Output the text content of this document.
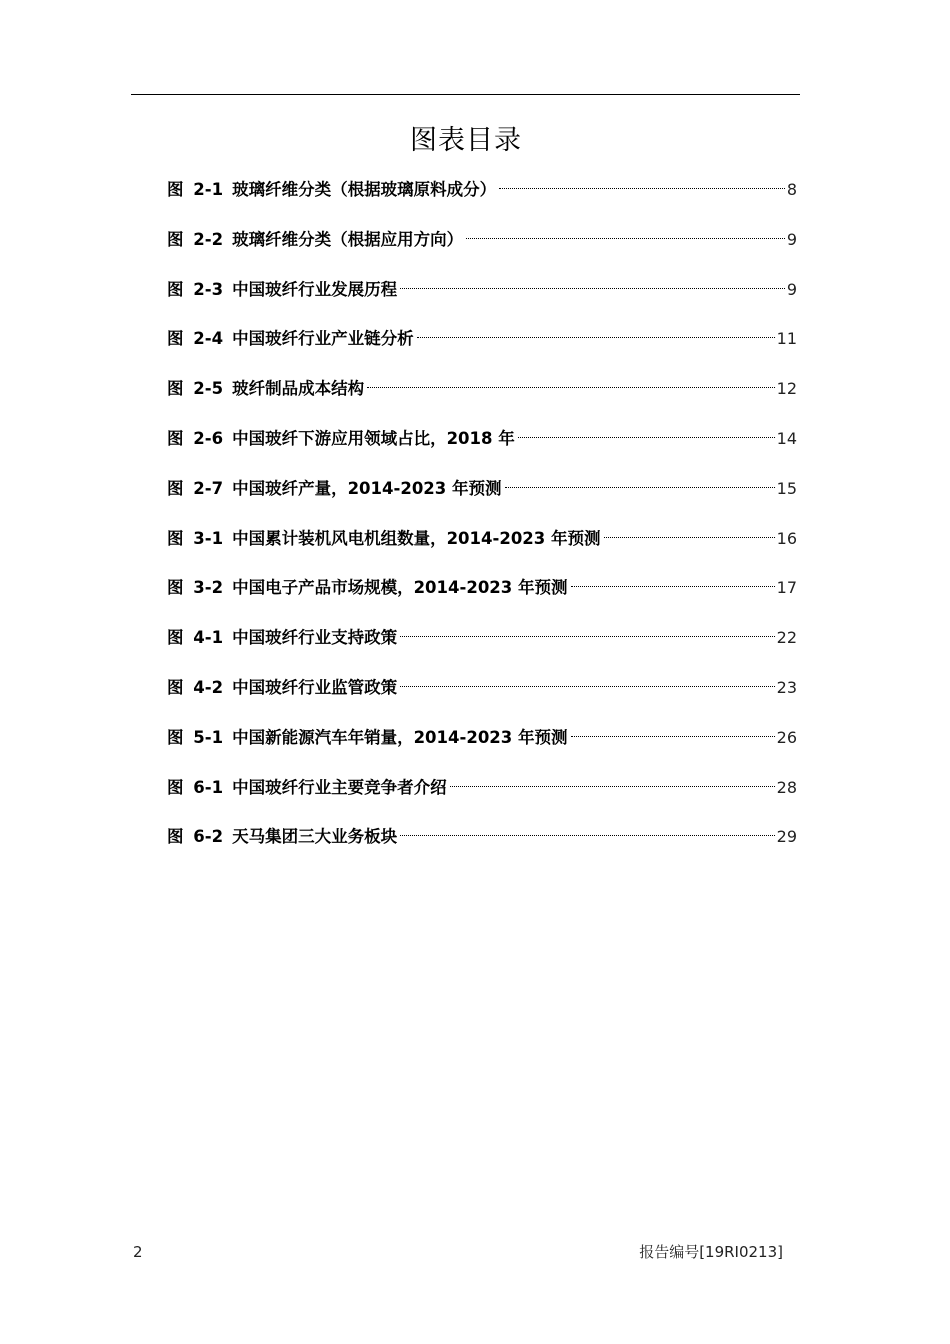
图表目录
图 2-1 玻璃纤维分类（根据玻璃原料成分）	8
图 2-2 玻璃纤维分类（根据应用方向）	9
图 2-3 中国玻纤行业发展历程	9
图 2-4 中国玻纤行业产业链分析	11
图 2-5 玻纤制品成本结构	12
图 2-6 中国玻纤下游应用领域占比，2018 年	14
图 2-7 中国玻纤产量，2014-2023 年预测	15
图 3-1 中国累计装机风电机组数量，2014-2023 年预测	16
图 3-2 中国电子产品市场规模，2014-2023 年预测	17
图 4-1 中国玻纤行业支持政策	22
图 4-2 中国玻纤行业监管政策	23
图 5-1 中国新能源汽车年销量，2014-2023 年预测	26
图 6-1 中国玻纤行业主要竞争者介绍	28
图 6-2 天马集团三大业务板块	29
2	报告编号[19RI0213]
